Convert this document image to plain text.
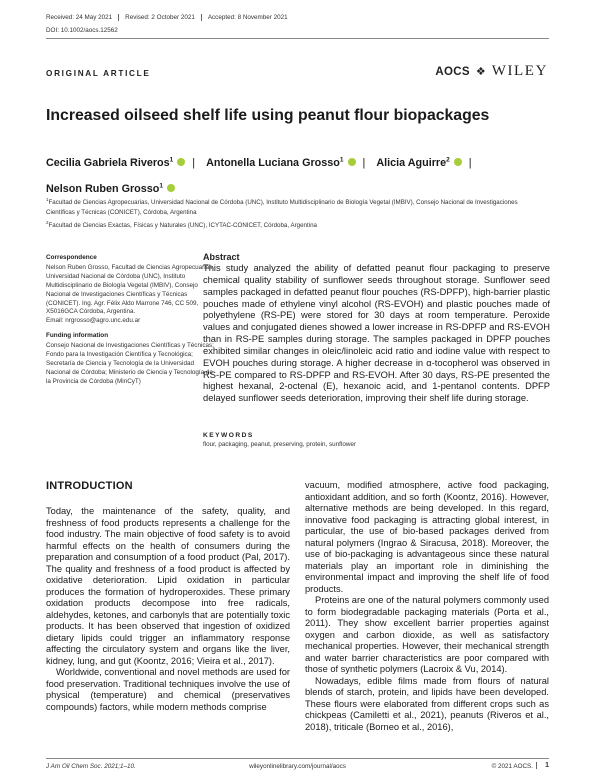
Received: 24 May 2021	Revised: 2 October 2021	Accepted: 8 November 2021
DOI: 10.1002/aocs.12562
ORIGINAL ARTICLE	AOCS ❖ WILEY
Increased oilseed shelf life using peanut flour biopackages
Cecilia Gabriela Riveros$^1$ | Antonella Luciana Grosso$^1$ | Alicia Aguirre$^2$ |
Nelson Ruben Grosso$^1$
$^1$Facultad de Ciencias Agropecuarias, Universidad Nacional de Córdoba (UNC), Instituto Multidisciplinario de Biología Vegetal (IMBIV), Consejo Nacional de Investigaciones Científicas y Técnicas (CONICET), Córdoba, Argentina
$^2$Facultad de Ciencias Exactas, Físicas y Naturales (UNC), ICYTAC-CONICET, Córdoba, Argentina
Correspondence
Nelson Ruben Grosso, Facultad de Ciencias Agropecuarias, Universidad Nacional de Córdoba (UNC), Instituto Multidisciplinario de Biología Vegetal (IMBIV), Consejo Nacional de Investigaciones Científicas y Técnicas (CONICET). Ing. Agr. Félix Aldo Marrone 746, CC 509, X5016GCA Córdoba, Argentina.
Email: nrgrosso@agro.unc.edu.ar
Funding information
Consejo Nacional de Investigaciones Científicas y Técnicas; Fondo para la Investigación Científica y Tecnológica; Secretaría de Ciencia y Tecnología de la Universidad Nacional de Córdoba; Ministerio de Ciencia y Tecnología de la Provincia de Córdoba (MinCyT)
Abstract

This study analyzed the ability of defatted peanut flour packaging to preserve chemical quality stability of sunflower seeds throughout storage. Sunflower seed samples packaged in defatted peanut flour pouches (RS-DPFP), high-barrier plastic pouches made of ethylene vinyl alcohol (RS-EVOH) and plastic pouches made of polyethylene (RS-PE) were stored for 30 days at room temperature. Peroxide values and conjugated dienes showed a lower increase in RS-DPFP and RS-EVOH than in RS-PE samples during storage. The samples packaged in DPFP pouches exhibited similar changes in oleic/linoleic acid ratio and iodine value with respect to EVOH pouches during storage. A higher decrease in α-tocopherol was observed in RS-PE compared to RS-DPFP and RS-EVOH. After 30 days, RS-PE presented the highest hexanal, 2-octenal (E), hexanoic acid, and 1-pentanol contents. DPFP delayed sunflower seeds deterioration, improving their shelf life during storage.

KEYWORDS

flour, packaging, peanut, preserving, protein, sunflower

INTRODUCTION

Today, the maintenance of the safety, quality, and freshness of food products represents a challenge for the food industry. The main objective of food safety is to avoid harmful effects on the health of consumers during the preparation and consumption of a food product (Pal, 2017). The quality and freshness of a food product is affected by oxidative deterioration. Lipid oxidation in particular produces the formation of hydroperoxides. These primary oxidation products decompose into free radicals, aldehydes, ketones, and carbonyls that are potentially toxic products. It has been observed that ingestion of oxidized dietary lipids could trigger an inflammatory response affecting the circulatory system and organs like the liver, kidney, lung, and gut (Koontz, 2016; Vieira et al., 2017).

Worldwide, conventional and novel methods are used for food preservation. Traditional techniques involve the use of physical (temperature) and chemical (preservatives compounds) factors, while modern methods comprise

vacuum, modified atmosphere, active food packaging, antioxidant addition, and so forth (Koontz, 2016). However, alternative methods are being developed. In this regard, innovative food packaging is attracting global interest, in particular, the use of bio-based packages derived from natural polymers (Ingrao & Siracusa, 2018). Moreover, the use of bio-packaging is advantageous since these natural materials play an important role in diminishing the environmental impact and improving the shelf life of food products.

Proteins are one of the natural polymers commonly used to form biodegradable packaging materials (Porta et al., 2011). They show excellent barrier properties against oxygen and carbon dioxide, as well as satisfactory mechanical properties. However, their mechanical strength and water barrier characteristics are poor compared with those of synthetic polymers (Lacroix & Vu, 2014).

Nowadays, edible films made from flours of natural blends of starch, protein, and lipids have been developed. These flours were elaborated from different crops such as chickpeas (Camiletti et al., 2021), peanuts (Riveros et al., 2018), triticale (Borneo et al., 2016),

J Am Oil Chem Soc. 2021;1–10.	wileyonlinelibrary.com/journal/aocs	© 2021 AOCS.	1
